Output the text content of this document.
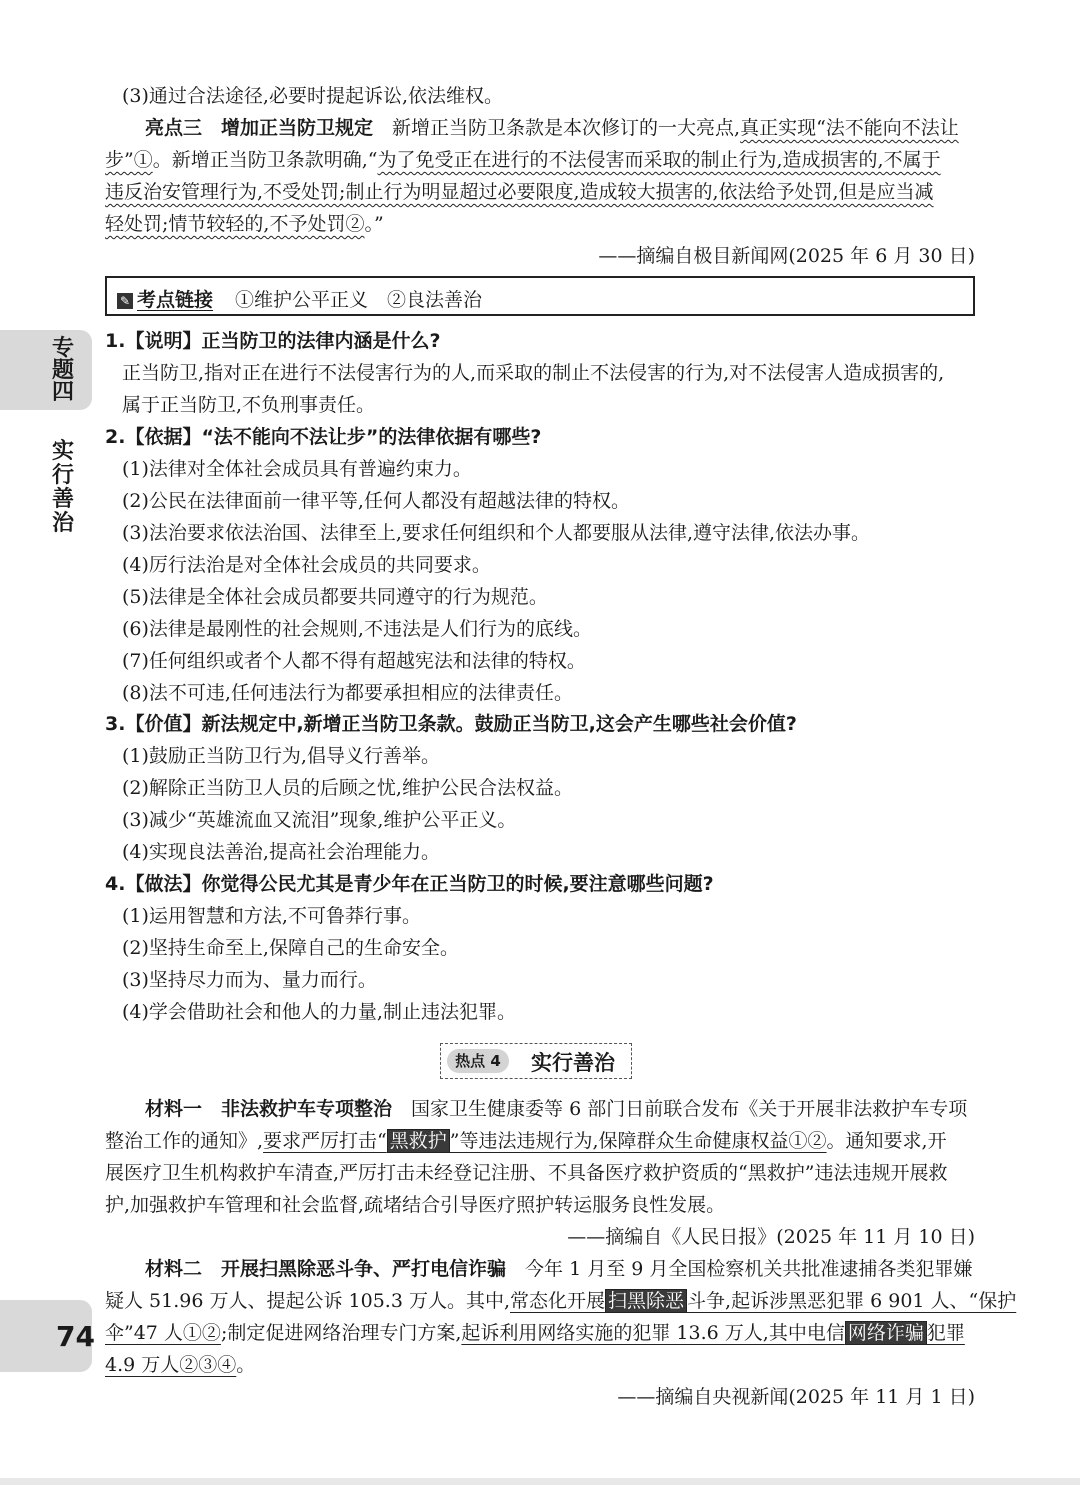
专
题
四
实
行
善
治
74
(3)通过合法途径,必要时提起诉讼,依法维权。
亮点三　增加正当防卫规定　 新增正当防卫条款是本次修订的一大亮点,真正实现“法不能向不法让
步”①。新增正当防卫条款明确,“为了免受正在进行的不法侵害而采取的制止行为,造成损害的,不属于
违反治安管理行为,不受处罚;制止行为明显超过必要限度,造成较大损害的,依法给予处罚,但是应当减
轻处罚;情节较轻的,不予处罚②。”
——摘编自极目新闻网(2025 年 6 月 30 日)
✎ 考点链接 ①维护公平正义　②良法善治
1.【说明】正当防卫的法律内涵是什么?
正当防卫,指对正在进行不法侵害行为的人,而采取的制止不法侵害的行为,对不法侵害人造成损害的,
属于正当防卫,不负刑事责任。
2.【依据】“法不能向不法让步”的法律依据有哪些?
(1)法律对全体社会成员具有普遍约束力。
(2)公民在法律面前一律平等,任何人都没有超越法律的特权。
(3)法治要求依法治国、法律至上,要求任何组织和个人都要服从法律,遵守法律,依法办事。
(4)厉行法治是对全体社会成员的共同要求。
(5)法律是全体社会成员都要共同遵守的行为规范。
(6)法律是最刚性的社会规则,不违法是人们行为的底线。
(7)任何组织或者个人都不得有超越宪法和法律的特权。
(8)法不可违,任何违法行为都要承担相应的法律责任。
3.【价值】新法规定中,新增正当防卫条款。鼓励正当防卫,这会产生哪些社会价值?
(1)鼓励正当防卫行为,倡导义行善举。
(2)解除正当防卫人员的后顾之忧,维护公民合法权益。
(3)减少“英雄流血又流泪”现象,维护公平正义。
(4)实现良法善治,提高社会治理能力。
4.【做法】你觉得公民尤其是青少年在正当防卫的时候,要注意哪些问题?
(1)运用智慧和方法,不可鲁莽行事。
(2)坚持生命至上,保障自己的生命安全。
(3)坚持尽力而为、量力而行。
(4)学会借助社会和他人的力量,制止违法犯罪。
热点 4	实行善治
材料一　非法救护车专项整治　 国家卫生健康委等 6 部门日前联合发布《关于开展非法救护车专项
整治工作的通知》,要求严厉打击“ 黑救护 ”等违法违规行为,保障群众生命健康权益①②。通知要求,开
展医疗卫生机构救护车清查,严厉打击未经登记注册、不具备医疗救护资质的“黑救护”违法违规开展救
护,加强救护车管理和社会监督,疏堵结合引导医疗照护转运服务良性发展。
——摘编自《人民日报》(2025 年 11 月 10 日)
材料二　开展扫黑除恶斗争、严打电信诈骗　 今年 1 月至 9 月全国检察机关共批准逮捕各类犯罪嫌
疑人 51.96 万人、提起公诉 105.3 万人。其中,常态化开展 扫黑除恶 斗争,起诉涉黑恶犯罪 6 901 人、“保护
伞”47 人①②;制定促进网络治理专门方案,起诉利用网络实施的犯罪 13.6 万人,其中电信 网络诈骗 犯罪
4.9 万人②③④。
——摘编自央视新闻(2025 年 11 月 1 日)
